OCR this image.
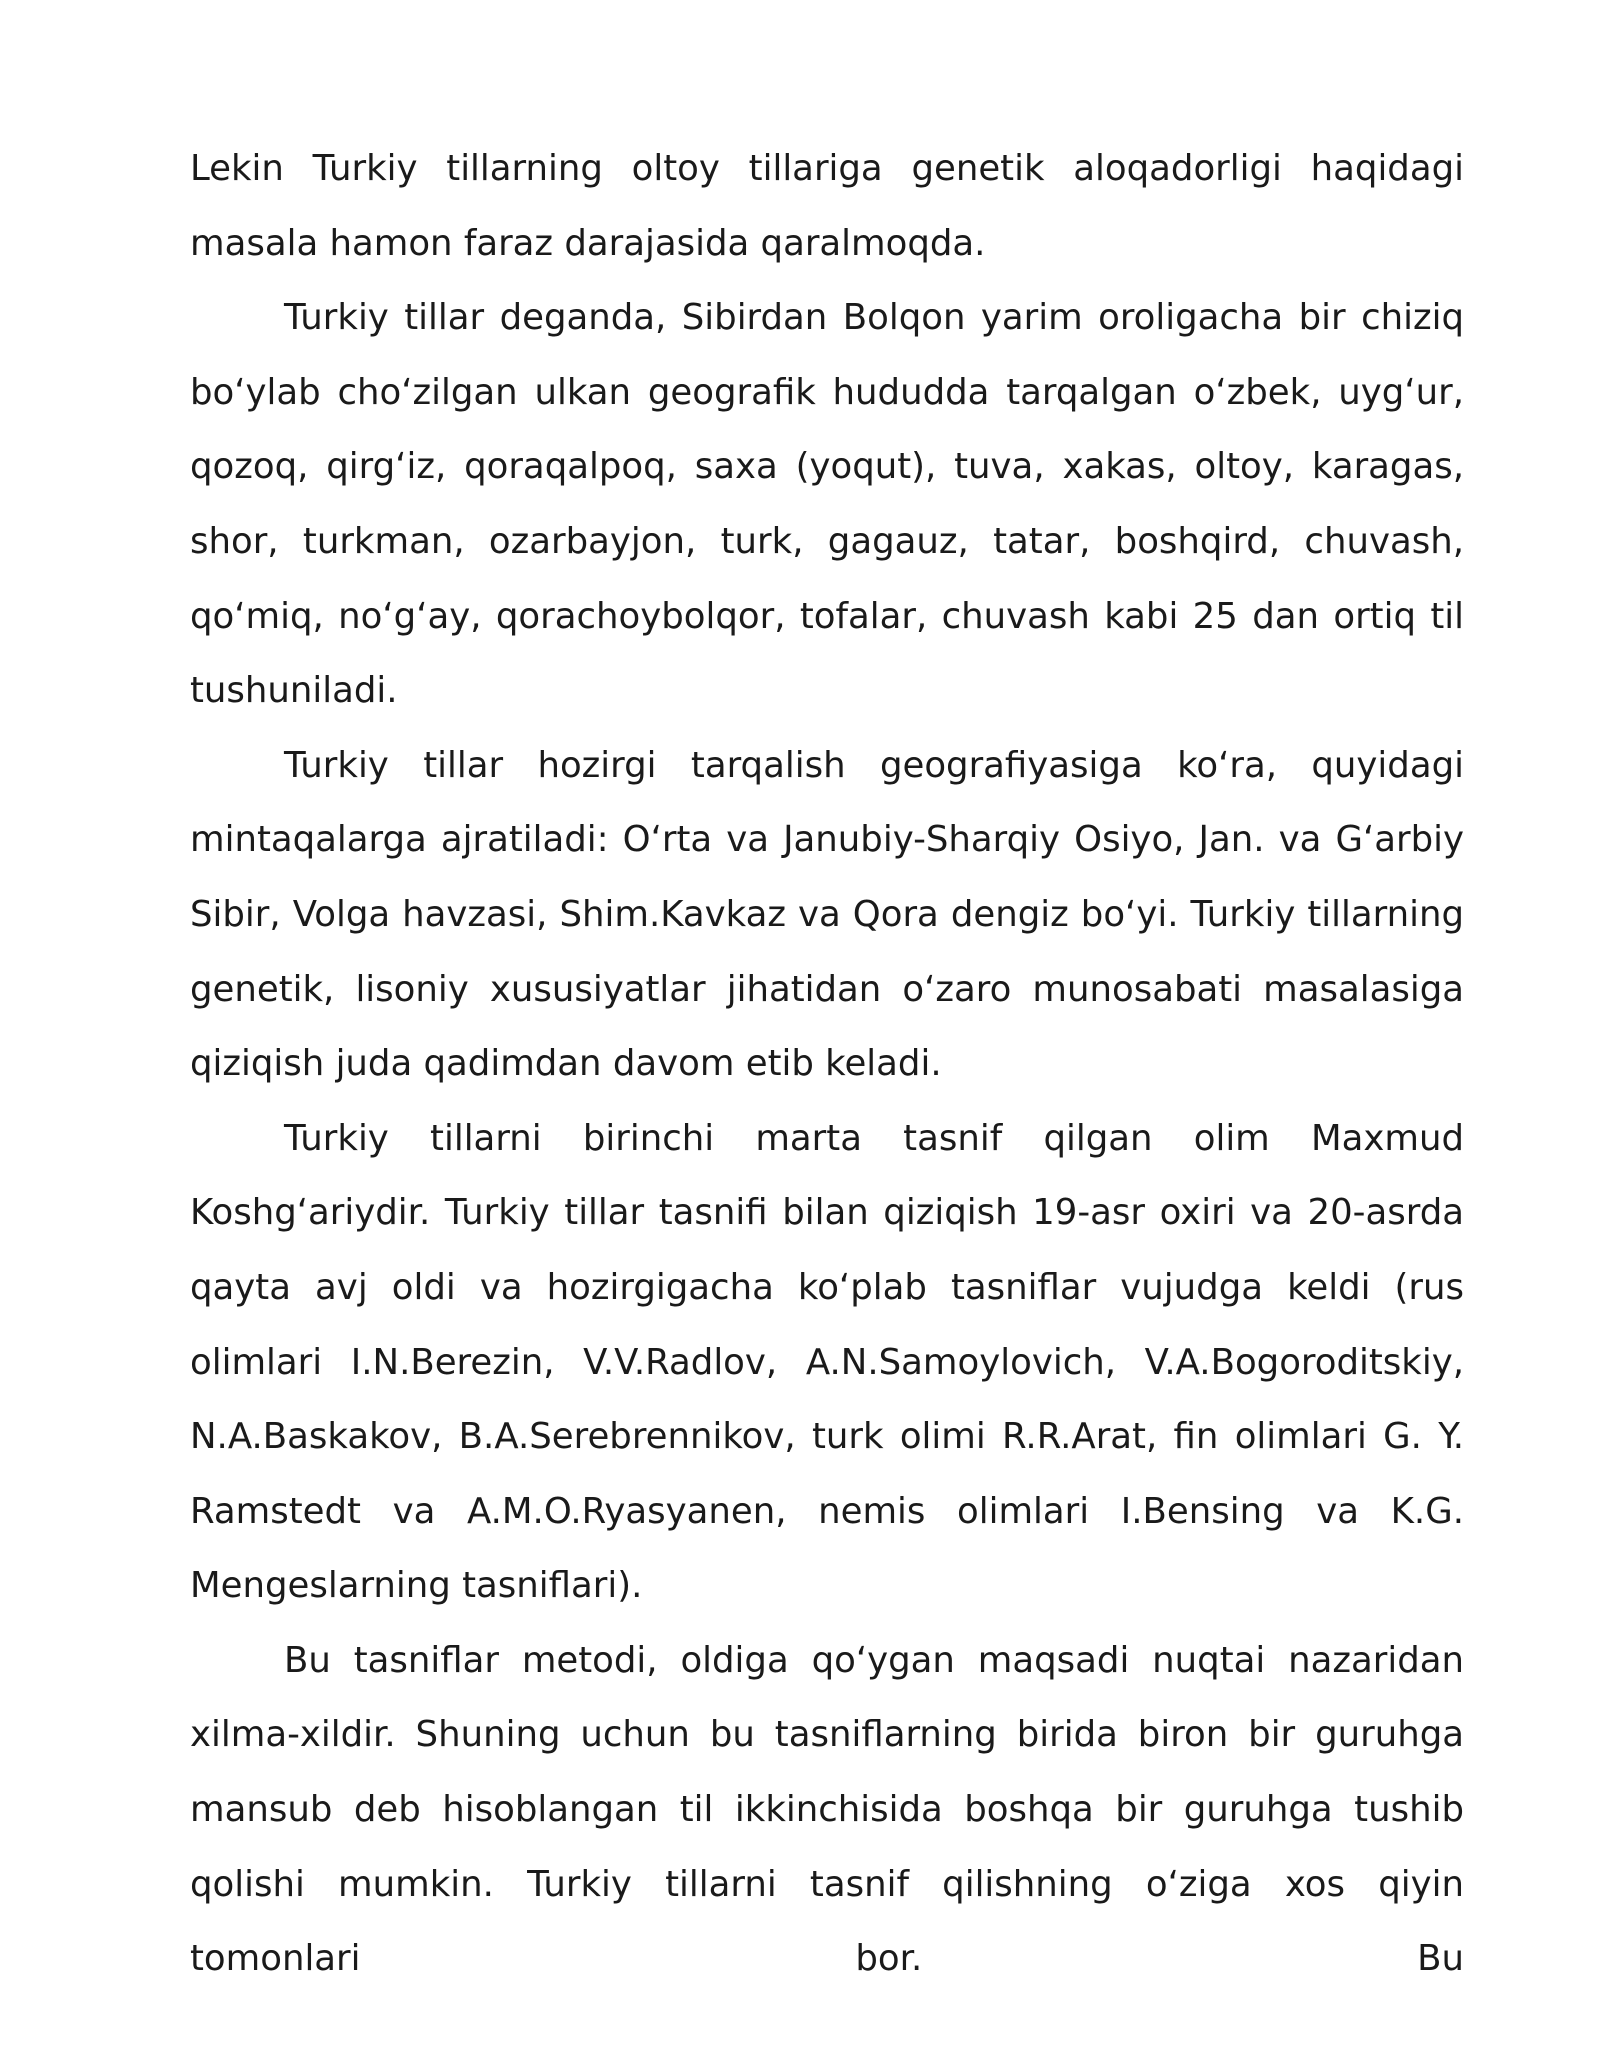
Lekin Turkiy tillarning oltoy tillariga genetik aloqadorligi haqidagi masala hamon faraz darajasida qaralmoqda.

Turkiy tillar deganda, Sibirdan Bolqon yarim oroligacha bir chiziq boʻylab choʻzilgan ulkan geografik hududda tarqalgan oʻzbek, uygʻur, qozoq, qirgʻiz, qoraqalpoq, saxa (yoqut), tuva, xakas, oltoy, karagas, shor, turkman, ozarbayjon, turk, gagauz, tatar, boshqird, chuvash, qoʻmiq, noʻgʻay, qorachoybolqor, tofalar, chuvash kabi 25 dan ortiq til tushuniladi.

Turkiy tillar hozirgi tarqalish geografiyasiga koʻra, quyidagi mintaqalarga ajratiladi: Oʻrta va Janubiy-Sharqiy Osiyo, Jan. va Gʻarbiy Sibir, Volga havzasi, Shim.Kavkaz va Qora dengiz boʻyi. Turkiy tillarning genetik, lisoniy xususiyatlar jihatidan oʻzaro munosabati masalasiga qiziqish juda qadimdan davom etib keladi.

Turkiy tillarni birinchi marta tasnif qilgan olim Maxmud Koshgʻariydir. Turkiy tillar tasnifi bilan qiziqish 19-asr oxiri va 20-asrda qayta avj oldi va hozirgigacha koʻplab tasniflar vujudga keldi (rus olimlari I.N.Berezin, V.V.Radlov, A.N.Samoylovich, V.A.Bogoroditskiy, N.A.Baskakov, B.A.Serebrennikov, turk olimi R.R.Arat, fin olimlari G. Y. Ramstedt va A.M.O.Ryasyanen, nemis olimlari I.Bensing va K.G. Mengeslarning tasniflari).

Bu tasniflar metodi, oldiga qoʻygan maqsadi nuqtai nazaridan xilma-xildir. Shuning uchun bu tasniflarning birida biron bir guruhga mansub deb hisoblangan til ikkinchisida boshqa bir guruhga tushib qolishi mumkin. Turkiy tillarni tasnif qilishning oʻziga xos qiyin tomonlari bor. Bu
